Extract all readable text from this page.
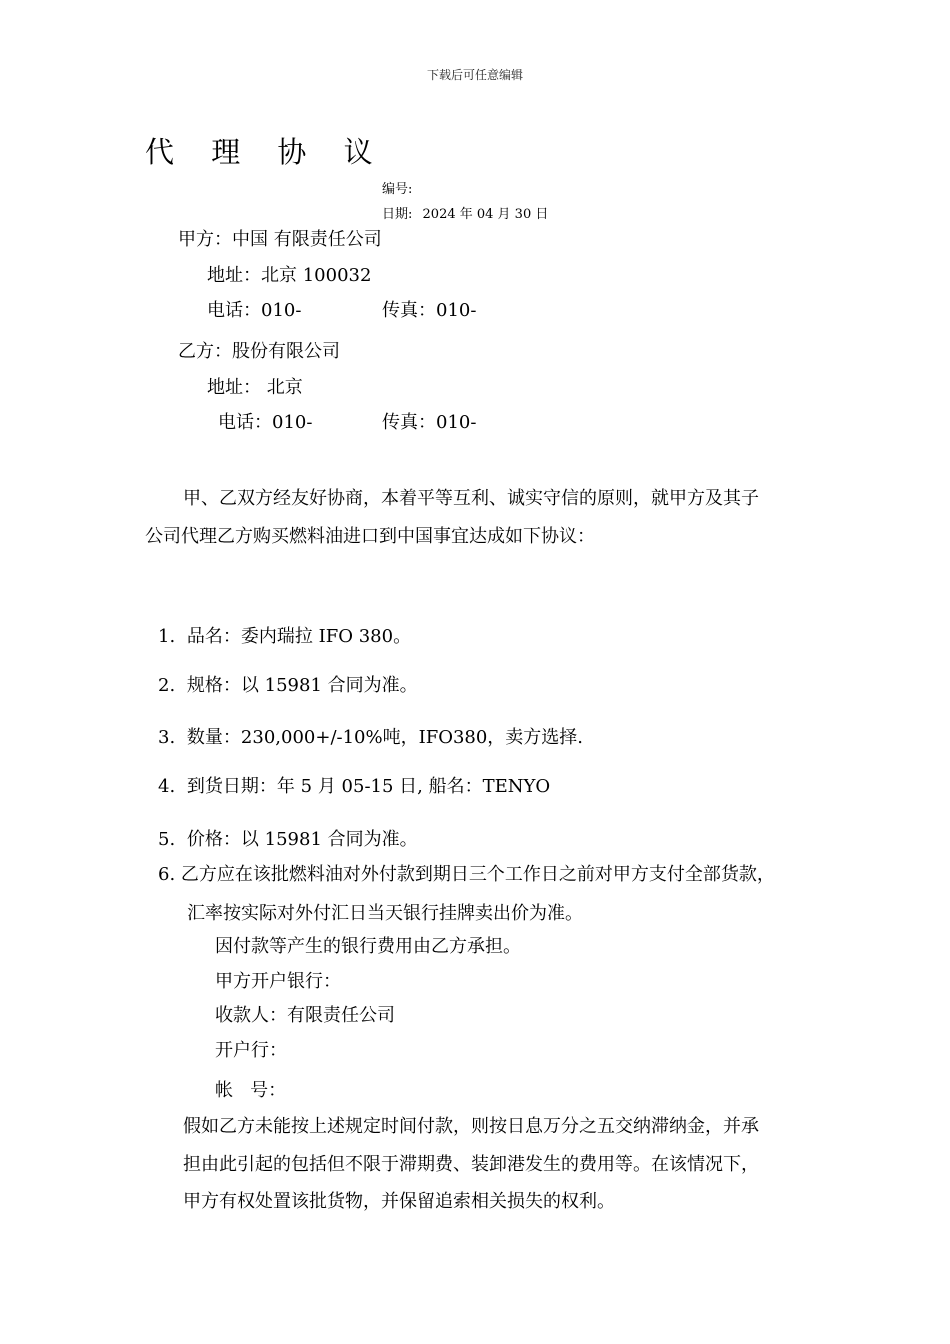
下载后可任意编辑
代 理 协 议
编号:
日期: 2024 年 04 月 30 日
甲方：中国 有限责任公司
地址：北京 100032
电话：010-	传真：010-
乙方：股份有限公司
地址： 北京
电话：010-	传真：010-
甲、乙双方经友好协商，本着平等互利、诚实守信的原则，就甲方及其子
公司代理乙方购买燃料油进口到中国事宜达成如下协议：
1. 品名：委内瑞拉 IFO 380。
2. 规格：以 15981 合同为准。
3. 数量：230,000+/-10%吨，IFO380，卖方选择.
4. 到货日期：年 5 月 05-15 日, 船名：TENYO
5. 价格：以 15981 合同为准。
6. 乙方应在该批燃料油对外付款到期日三个工作日之前对甲方支付全部货款，
汇率按实际对外付汇日当天银行挂牌卖出价为准。
因付款等产生的银行费用由乙方承担。
甲方开户银行：
收款人：有限责任公司
开户行：
帐   号：
假如乙方未能按上述规定时间付款，则按日息万分之五交纳滞纳金，并承
担由此引起的包括但不限于滞期费、装卸港发生的费用等。在该情况下，
甲方有权处置该批货物，并保留追索相关损失的权利。
